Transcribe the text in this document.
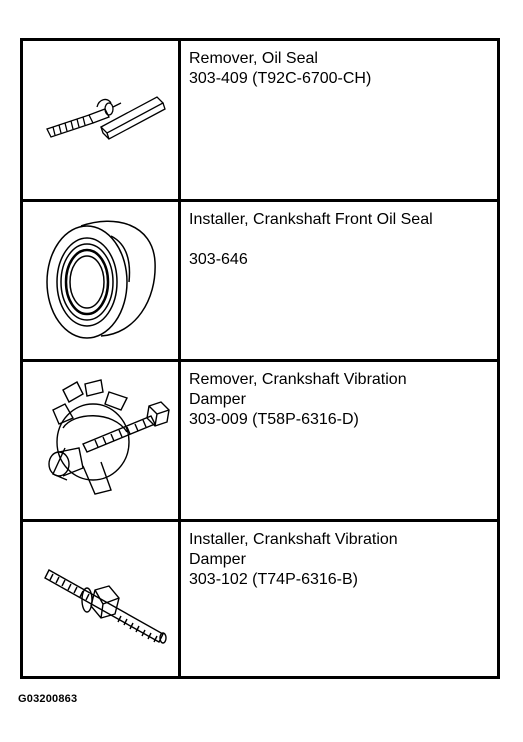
Remover, Oil Seal
303-409 (T92C-6700-CH)
Installer, Crankshaft Front Oil Seal
303-646
Remover, Crankshaft Vibration
Damper
303-009 (T58P-6316-D)
Installer, Crankshaft Vibration
Damper
303-102 (T74P-6316-B)
G03200863
